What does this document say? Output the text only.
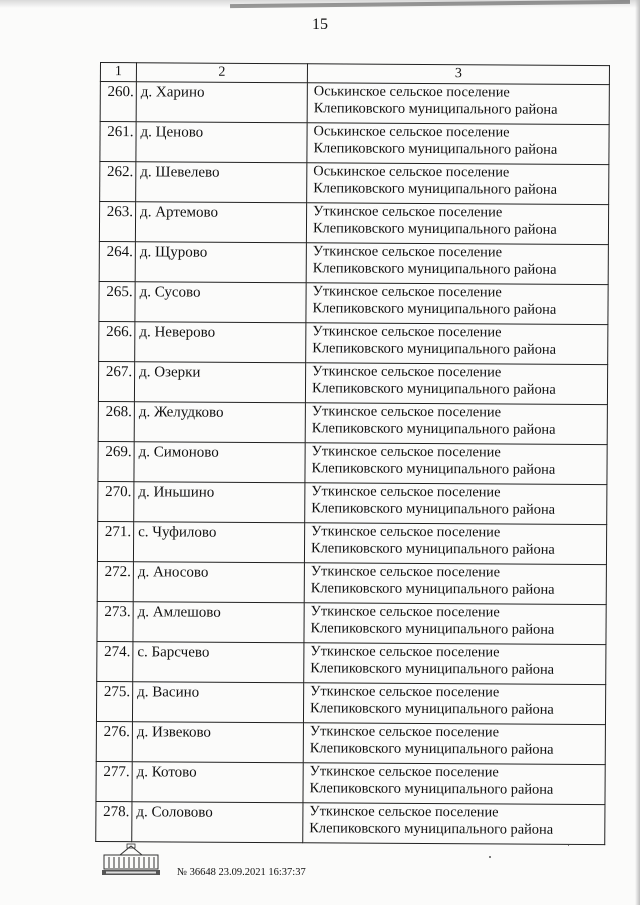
15
1	2	3
260.	д. Харино	Оськинское сельское поселение
Клепиковского муниципального района

261.	д. Ценово	Оськинское сельское поселение
Клепиковского муниципального района

262.	д. Шевелево	Оськинское сельское поселение
Клепиковского муниципального района

263.	д. Артемово	Уткинское сельское поселение
Клепиковского муниципального района

264.	д. Щурово	Уткинское сельское поселение
Клепиковского муниципального района

265.	д. Сусово	Уткинское сельское поселение
Клепиковского муниципального района

266.	д. Неверово	Уткинское сельское поселение
Клепиковского муниципального района

267.	д. Озерки	Уткинское сельское поселение
Клепиковского муниципального района

268.	д. Желудково	Уткинское сельское поселение
Клепиковского муниципального района

269.	д. Симоново	Уткинское сельское поселение
Клепиковского муниципального района

270.	д. Иньшино	Уткинское сельское поселение
Клепиковского муниципального района

271.	с. Чуфилово	Уткинское сельское поселение
Клепиковского муниципального района

272.	д. Аносово	Уткинское сельское поселение
Клепиковского муниципального района

273.	д. Амлешово	Уткинское сельское поселение
Клепиковского муниципального района

274.	с. Барсчево	Уткинское сельское поселение
Клепиковского муниципального района

275.	д. Васино	Уткинское сельское поселение
Клепиковского муниципального района

276.	д. Извеково	Уткинское сельское поселение
Клепиковского муниципального района

277.	д. Котово	Уткинское сельское поселение
Клепиковского муниципального района

278.	д. Соловово	Уткинское сельское поселение
Клепиковского муниципального района
№ 36648 23.09.2021 16:37:37
